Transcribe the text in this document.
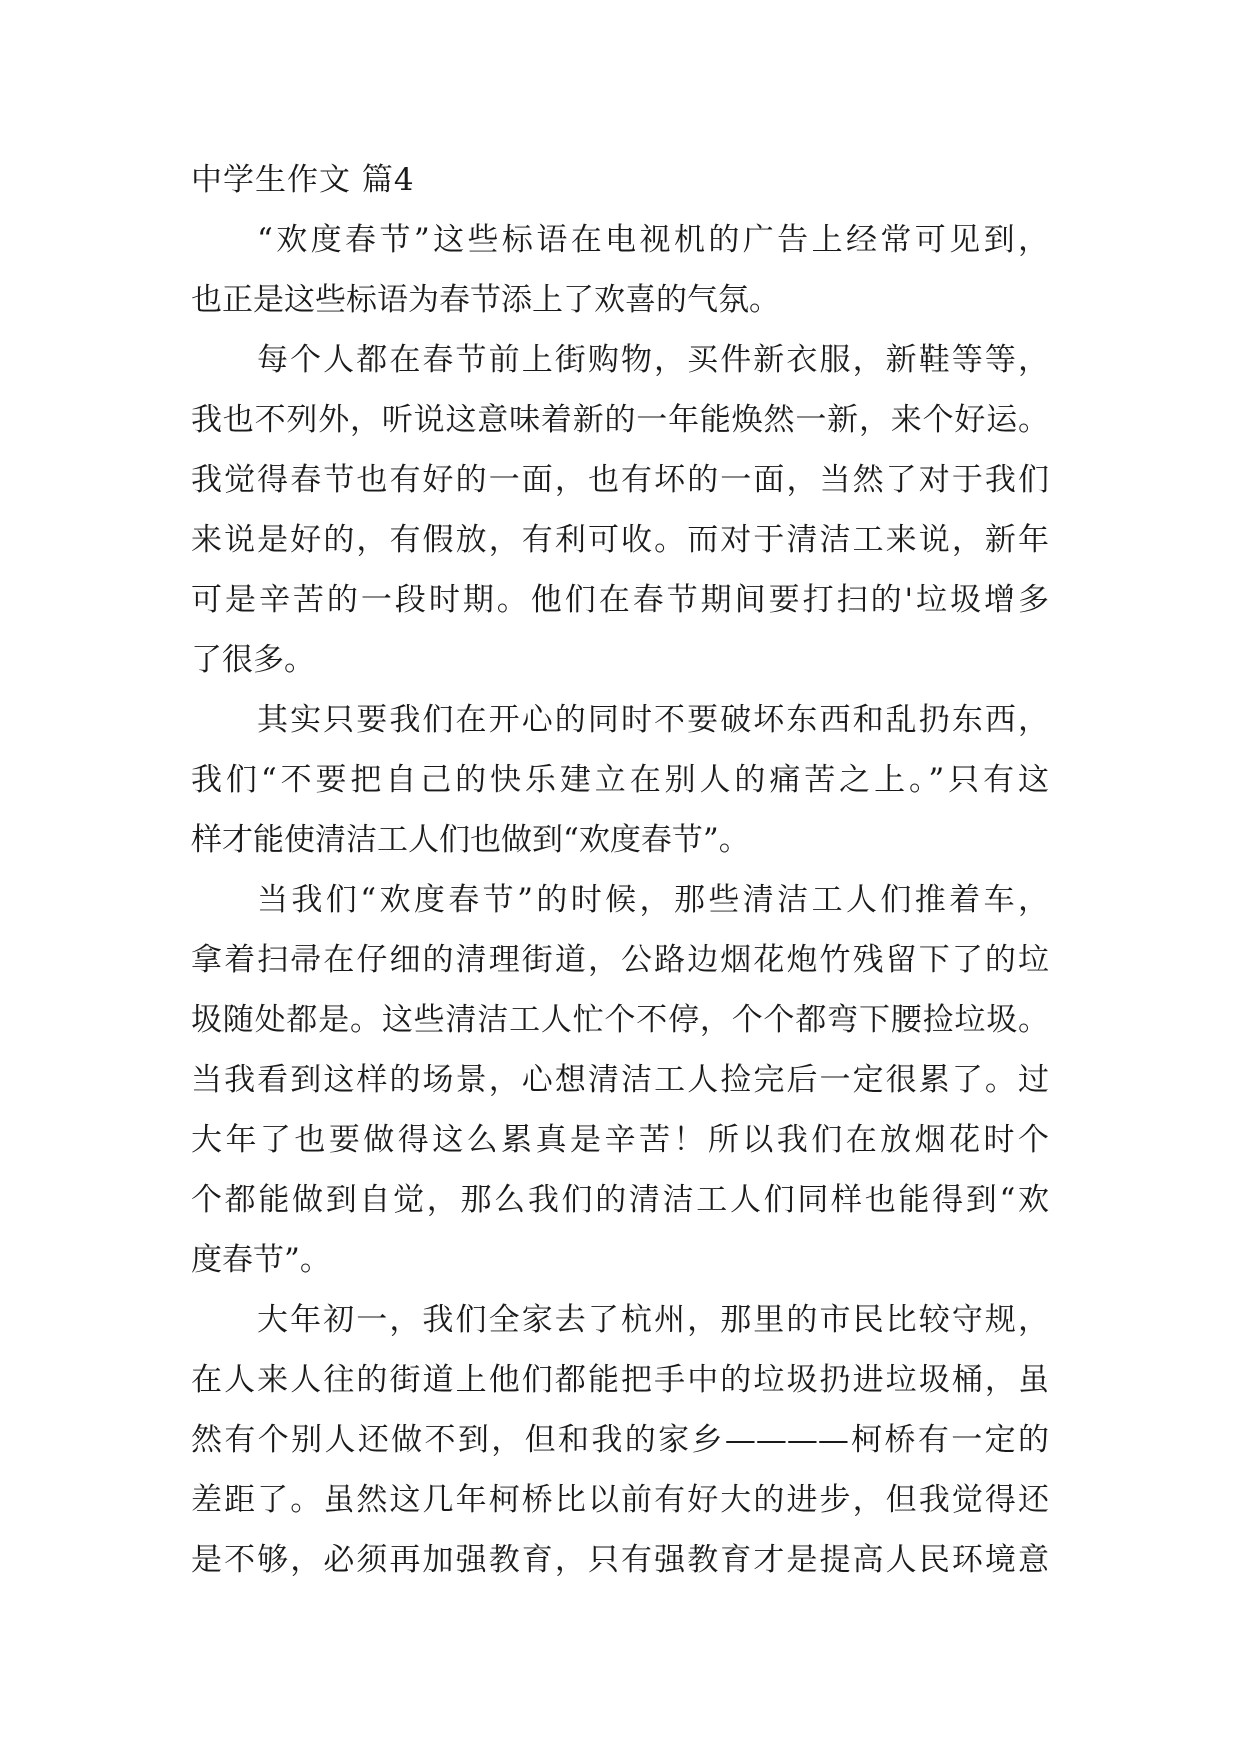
中学生作文 篇4
“欢度春节”这些标语在电视机的广告上经常可见到，
也正是这些标语为春节添上了欢喜的气氛。
每个人都在春节前上街购物，买件新衣服，新鞋等等，
我也不列外，听说这意味着新的一年能焕然一新，来个好运。
我觉得春节也有好的一面，也有坏的一面，当然了对于我们
来说是好的，有假放，有利可收。而对于清洁工来说，新年
可是辛苦的一段时期。他们在春节期间要打扫的'垃圾增多
了很多。
其实只要我们在开心的同时不要破坏东西和乱扔东西，
我们“不要把自己的快乐建立在别人的痛苦之上。”只有这
样才能使清洁工人们也做到“欢度春节”。
当我们“欢度春节”的时候，那些清洁工人们推着车，
拿着扫帚在仔细的清理街道，公路边烟花炮竹残留下了的垃
圾随处都是。这些清洁工人忙个不停，个个都弯下腰捡垃圾。
当我看到这样的场景，心想清洁工人捡完后一定很累了。过
大年了也要做得这么累真是辛苦！所以我们在放烟花时个
个都能做到自觉，那么我们的清洁工人们同样也能得到“欢
度春节”。
大年初一，我们全家去了杭州，那里的市民比较守规，
在人来人往的街道上他们都能把手中的垃圾扔进垃圾桶，虽
然有个别人还做不到，但和我的家乡————柯桥有一定的
差距了。虽然这几年柯桥比以前有好大的进步，但我觉得还
是不够，必须再加强教育，只有强教育才是提高人民环境意
